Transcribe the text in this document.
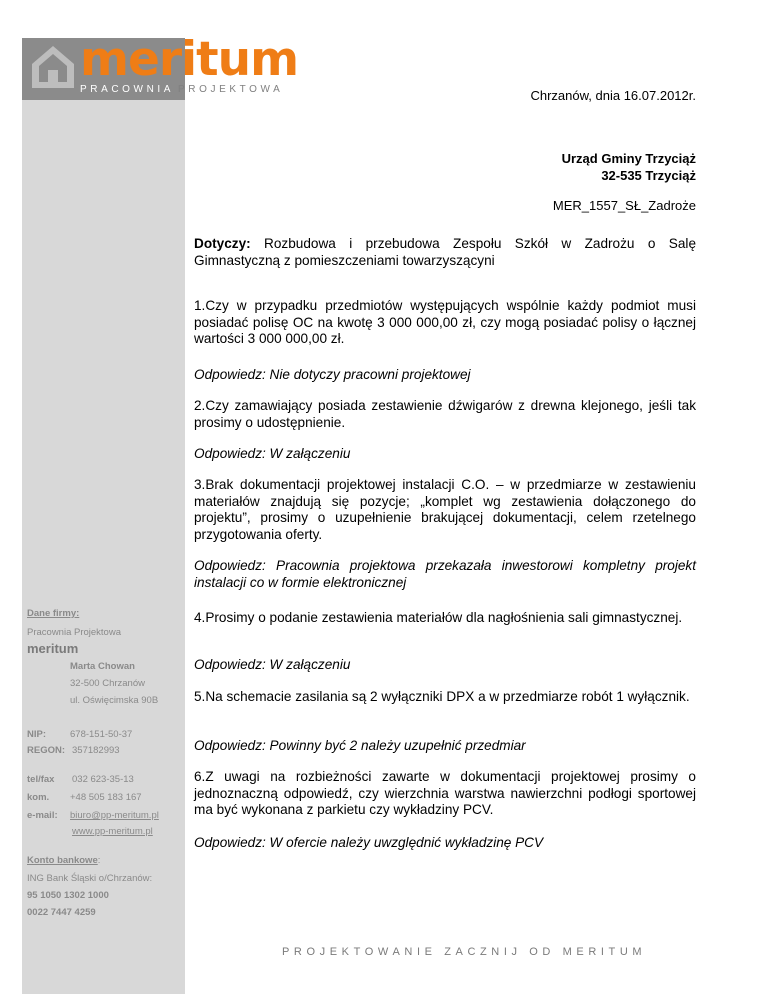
meritum
PRACOWNIA PROJEKTOWA	Chrzanów, dnia 16.07.2012r.
Urząd Gminy Trzyciąż
32-535 Trzyciąż
MER_1557_SŁ_Zadroże

Dotyczy: Rozbudowa i przebudowa Zespołu Szkół w Zadrożu o Salę Gimnastyczną z pomieszczeniami towarzyszącyni

1.Czy w przypadku przedmiotów występujących wspólnie każdy podmiot musi posiadać polisę OC na kwotę 3 000 000,00 zł, czy mogą posiadać polisy o łącznej wartości 3 000 000,00 zł.

Odpowiedz: Nie dotyczy pracowni projektowej

2.Czy zamawiający posiada zestawienie dźwigarów z drewna klejonego, jeśli tak prosimy o udostępnienie.

Odpowiedz: W załączeniu

3.Brak dokumentacji projektowej instalacji C.O. – w przedmiarze w zestawieniu materiałów znajdują się pozycje; „komplet wg zestawienia dołączonego do projektu”, prosimy o uzupełnienie brakującej dokumentacji, celem rzetelnego przygotowania oferty.

Odpowiedz: Pracownia projektowa przekazała inwestorowi kompletny projekt instalacji co w formie elektronicznej

4.Prosimy o podanie zestawienia materiałów dla nagłośnienia sali gimnastycznej.

Odpowiedz: W załączeniu

5.Na schemacie zasilania są 2 wyłączniki DPX a w przedmiarze robót 1 wyłącznik.

Odpowiedz: Powinny być 2 należy uzupełnić przedmiar

6.Z uwagi na rozbieżności zawarte w dokumentacji projektowej prosimy o jednoznaczną odpowiedź, czy wierzchnia warstwa nawierzchni podłogi sportowej ma być wykonana z parkietu czy wykładziny PCV.

Odpowiedz: W ofercie należy uwzględnić wykładzinę PCV

Dane firmy:
Pracownia Projektowa
meritum
Marta Chowan
32-500 Chrzanów
ul. Oświęcimska 90B
NIP:	678-151-50-37
REGON: 357182993
tel/fax 032 623-35-13
kom. +48 505 183 167
e-mail: biuro@pp-meritum.pl
www.pp-meritum.pl
Konto bankowe:
ING Bank Śląski o/Chrzanów:
95 1050 1302 1000
0022 7447 4259
PROJEKTOWANIE ZACZNIJ OD MERITUM
